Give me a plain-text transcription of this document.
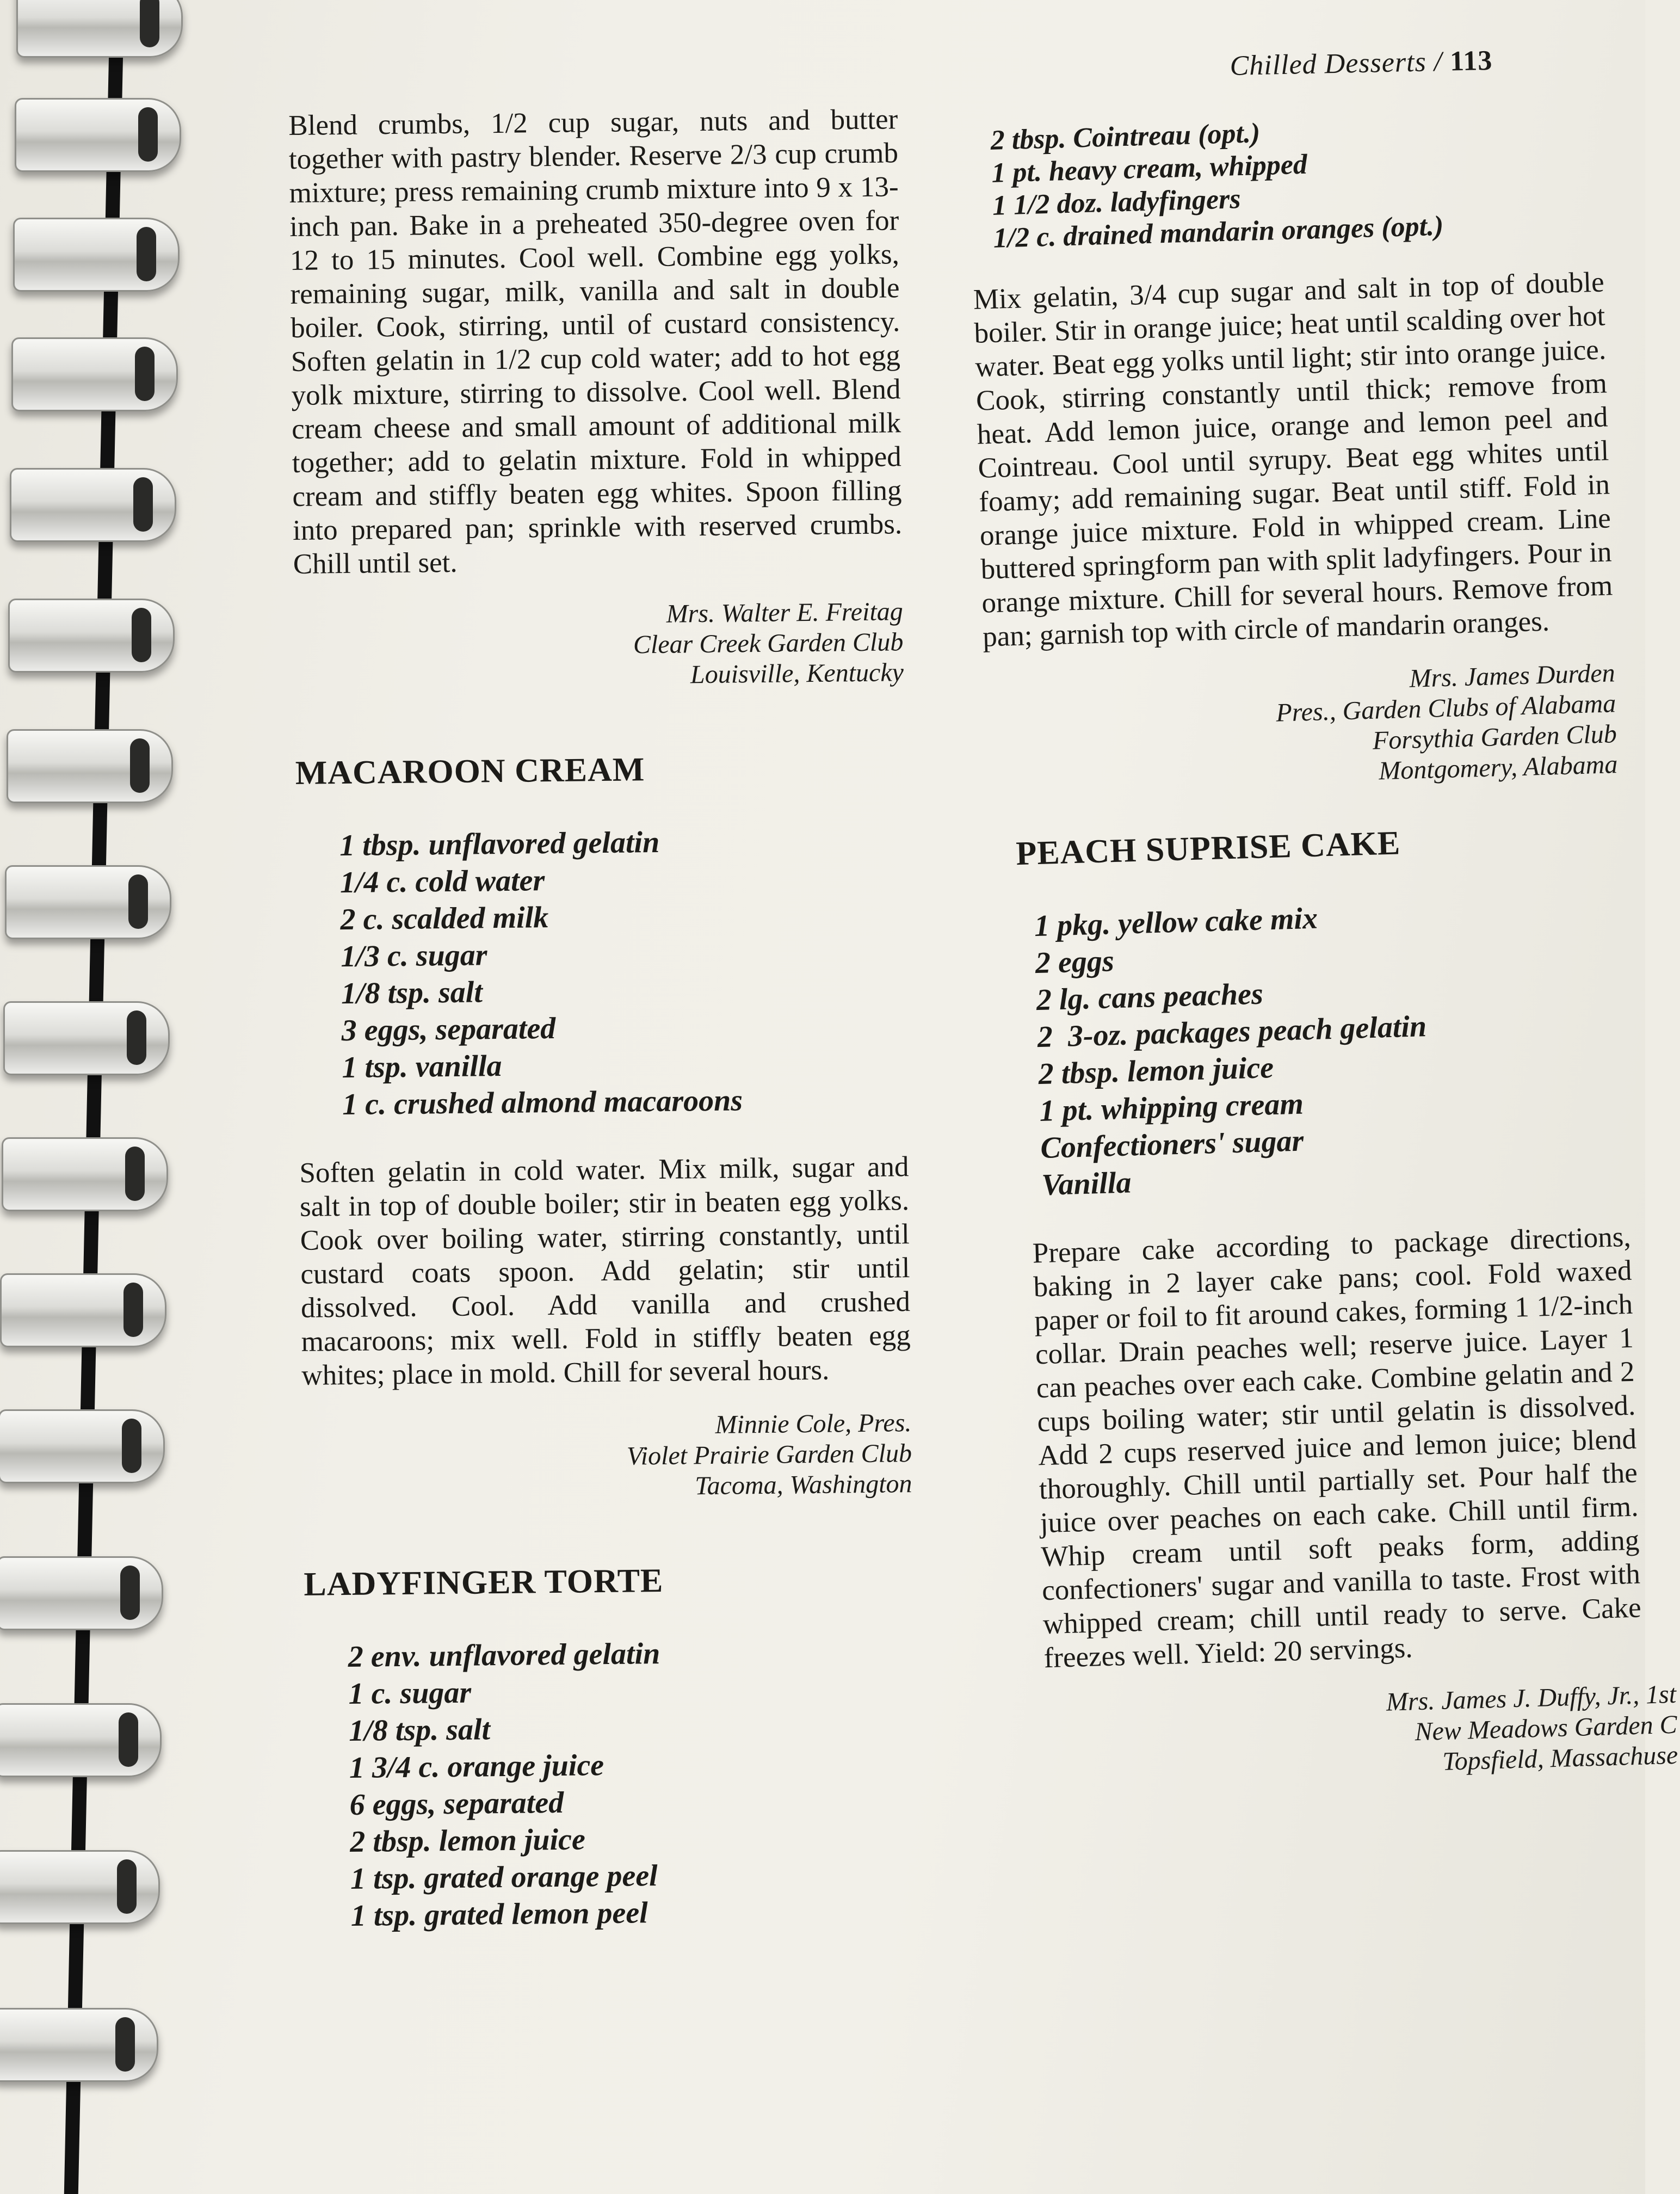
Chilled Desserts / 113

Blend crumbs, 1/2 cup sugar, nuts and butter together with pastry blender. Reserve 2/3 cup crumb mixture; press remaining crumb mixture into 9 x 13-inch pan. Bake in a preheated 350-degree oven for 12 to 15 minutes. Cool well. Combine egg yolks, remaining sugar, milk, vanilla and salt in double boiler. Cook, stirring, until of custard consistency. Soften gelatin in 1/2 cup cold water; add to hot egg yolk mixture, stirring to dissolve. Cool well. Blend cream cheese and small amount of additional milk together; add to gelatin mixture. Fold in whipped cream and stiffly beaten egg whites. Spoon filling into prepared pan; sprinkle with reserved crumbs. Chill until set.

Mrs. Walter E. Freitag
Clear Creek Garden Club
Louisville, Kentucky
MACAROON CREAM
1 tbsp. unflavored gelatin
1/4 c. cold water
2 c. scalded milk
1/3 c. sugar
1/8 tsp. salt
3 eggs, separated
1 tsp. vanilla
1 c. crushed almond macaroons

Soften gelatin in cold water. Mix milk, sugar and salt in top of double boiler; stir in beaten egg yolks. Cook over boiling water, stirring constantly, until custard coats spoon. Add gelatin; stir until dissolved. Cool. Add vanilla and crushed macaroons; mix well. Fold in stiffly beaten egg whites; place in mold. Chill for several hours.

Minnie Cole, Pres.
Violet Prairie Garden Club
Tacoma, Washington
LADYFINGER TORTE
2 env. unflavored gelatin
1 c. sugar
1/8 tsp. salt
1 3/4 c. orange juice
6 eggs, separated
2 tbsp. lemon juice
1 tsp. grated orange peel
1 tsp. grated lemon peel
2 tbsp. Cointreau (opt.)
1 pt. heavy cream, whipped
1 1/2 doz. ladyfingers
1/2 c. drained mandarin oranges (opt.)

Mix gelatin, 3/4 cup sugar and salt in top of double boiler. Stir in orange juice; heat until scalding over hot water. Beat egg yolks until light; stir into orange juice. Cook, stirring constantly until thick; remove from heat. Add lemon juice, orange and lemon peel and Cointreau. Cool until syrupy. Beat egg whites until foamy; add remaining sugar. Beat until stiff. Fold in orange juice mixture. Fold in whipped cream. Line buttered springform pan with split ladyfingers. Pour in orange mixture. Chill for several hours. Remove from pan; garnish top with circle of mandarin oranges.

Mrs. James Durden
Pres., Garden Clubs of Alabama
Forsythia Garden Club
Montgomery, Alabama
PEACH SUPRISE CAKE
1 pkg. yellow cake mix
2 eggs
2 lg. cans peaches
2  3-oz. packages peach gelatin
2 tbsp. lemon juice
1 pt. whipping cream
Confectioners' sugar
Vanilla

Prepare cake according to package directions, baking in 2 layer cake pans; cool. Fold waxed paper or foil to fit around cakes, forming 1 1/2-inch collar. Drain peaches well; reserve juice. Layer 1 can peaches over each cake. Combine gelatin and 2 cups boiling water; stir until gelatin is dissolved. Add 2 cups reserved juice and lemon juice; blend thoroughly. Chill until partially set. Pour half the juice over peaches on each cake. Chill until firm. Whip cream until soft peaks form, adding confectioners' sugar and vanilla to taste. Frost with whipped cream; chill until ready to serve. Cake freezes well. Yield: 20 servings.

Mrs. James J. Duffy, Jr., 1st
New Meadows Garden C
Topsfield, Massachuse
